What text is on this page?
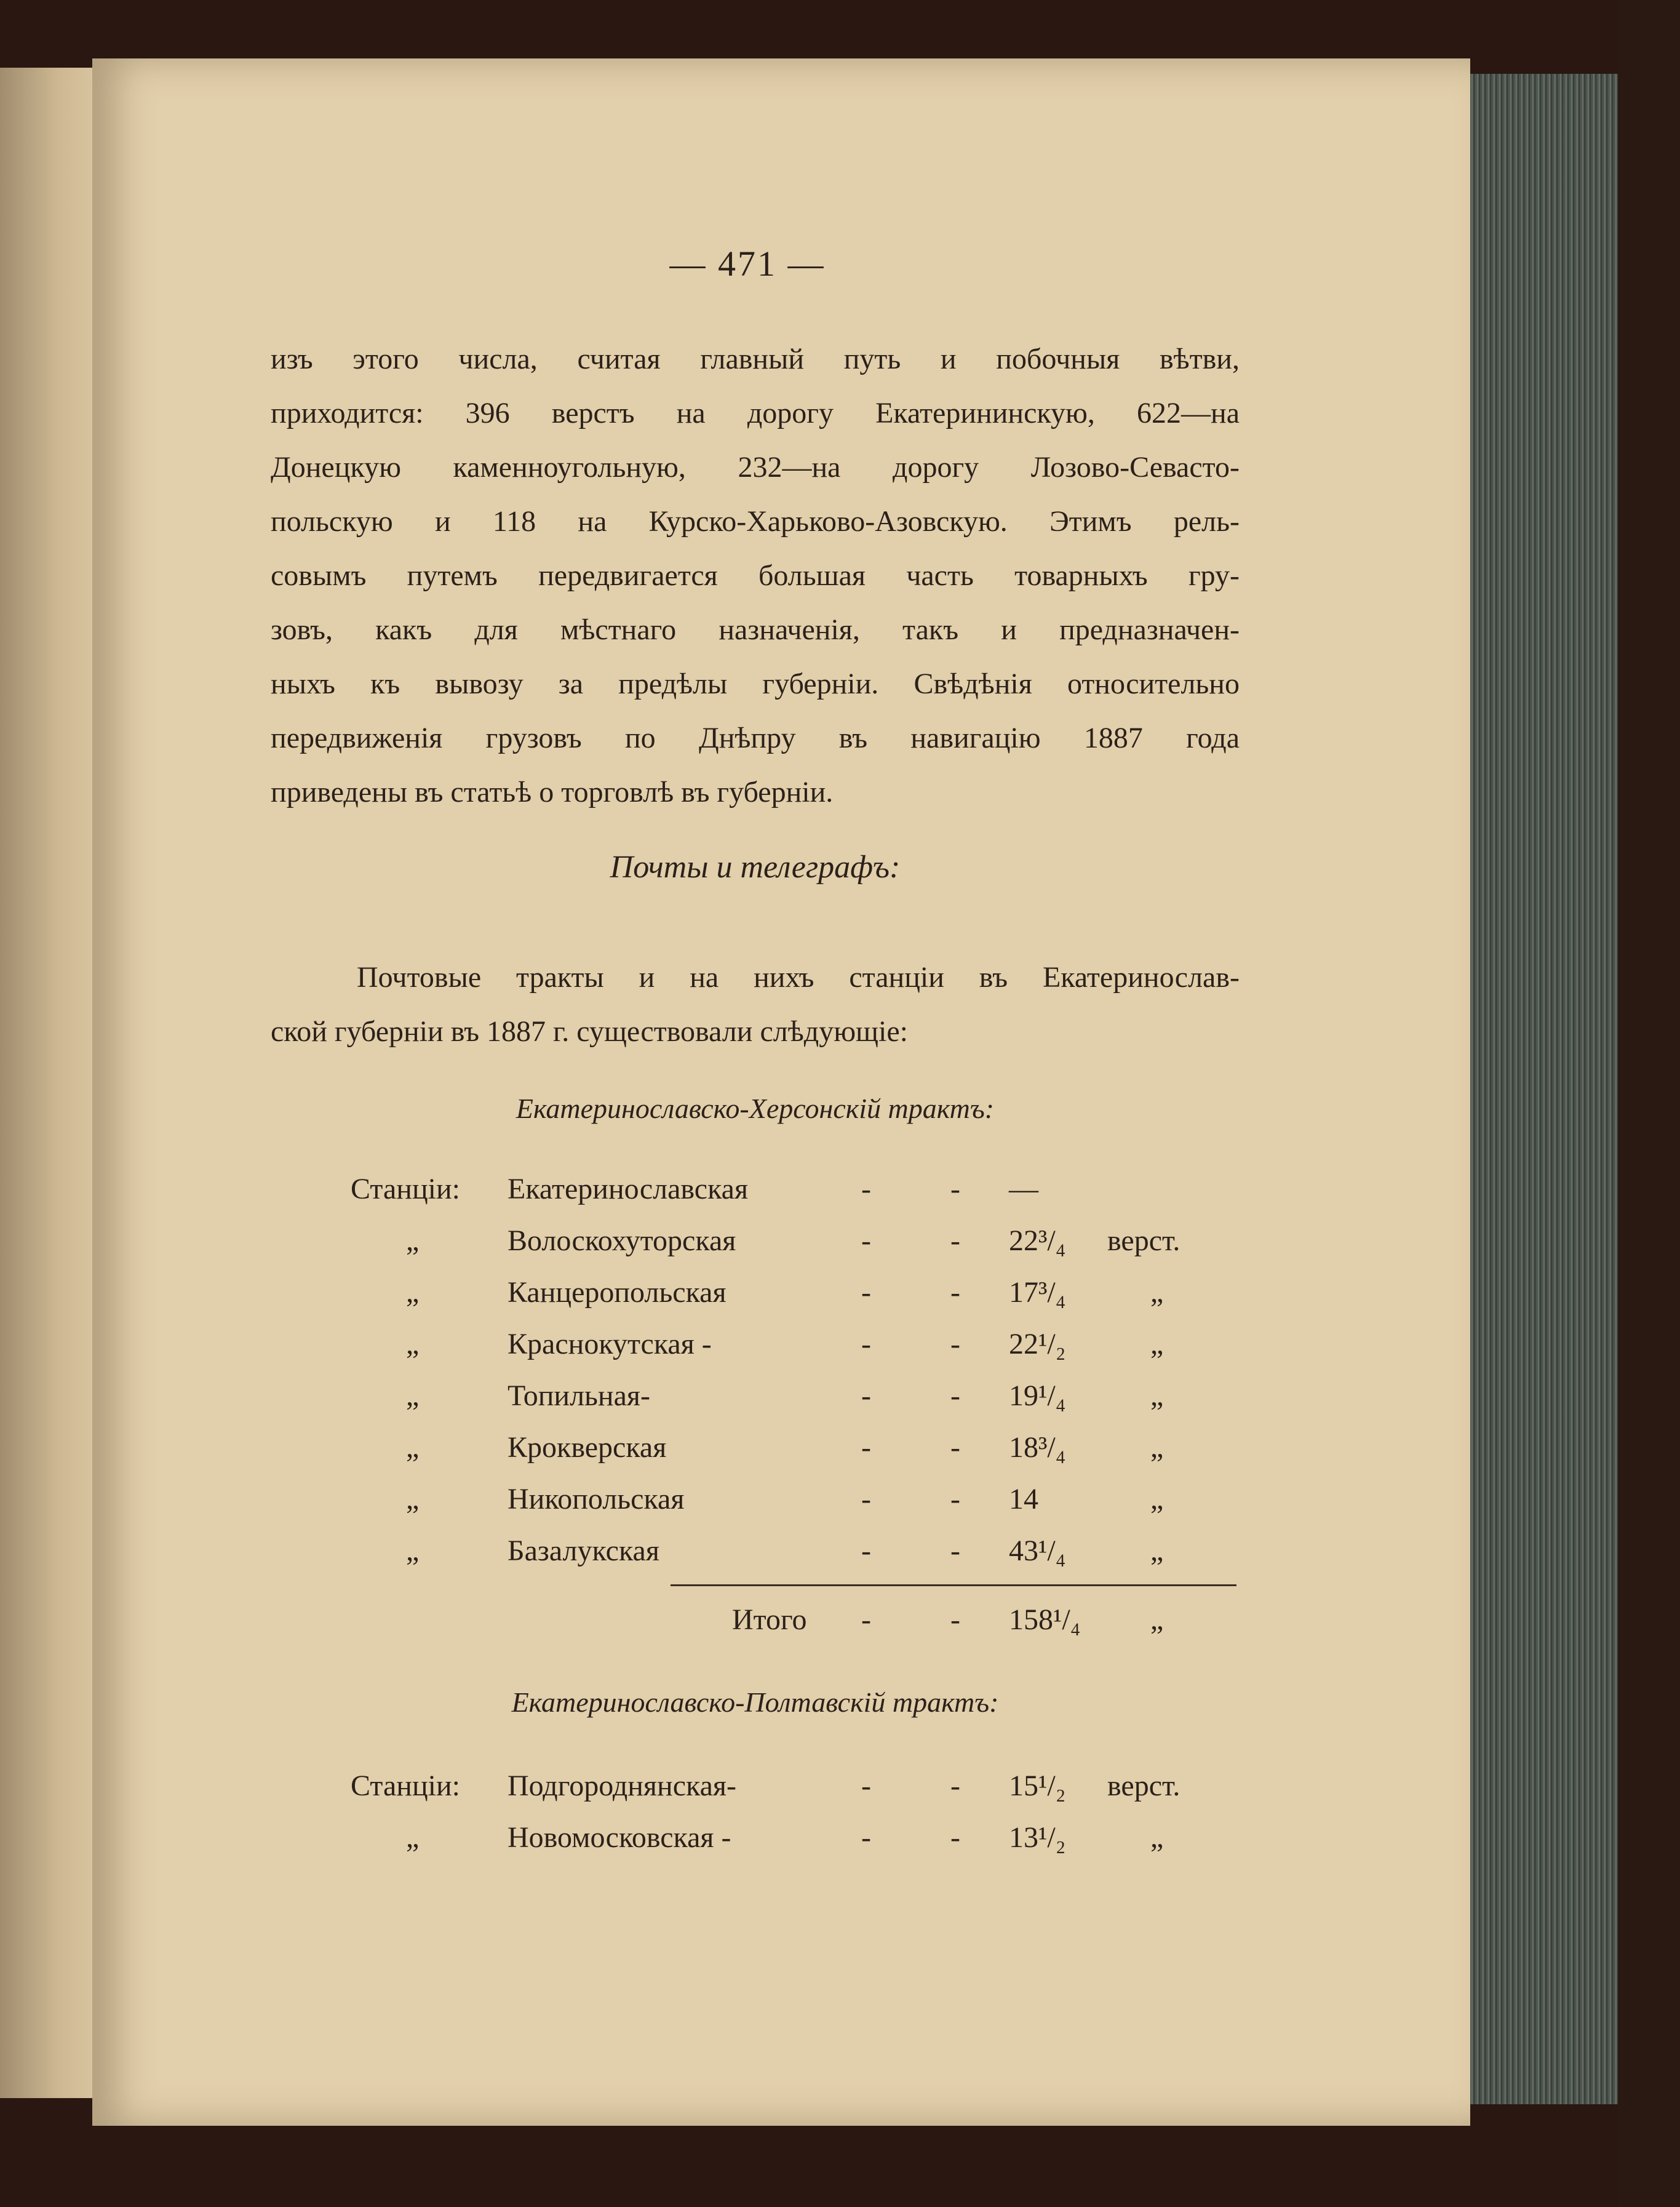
— 471 —
изъ этого числа, считая главный путь и побочныя вѣтви,
приходится: 396 верстъ на дорогу Екатерининскую, 622—на
Донецкую каменноугольную, 232—на дорогу Лозово-Севасто-
польскую и 118 на Курско-Харьково-Азовскую. Этимъ рель-
совымъ путемъ передвигается большая часть товарныхъ гру-
зовъ, какъ для мѣстнаго назначенія, такъ и предназначен-
ныхъ къ вывозу за предѣлы губерніи. Свѣдѣнія относительно
передвиженія грузовъ по Днѣпру въ навигацію 1887 года
приведены въ статьѣ о торговлѣ въ губерніи.
Почты и телеграфъ:
Почтовые тракты и на нихъ станціи въ Екатеринослав-
ской губерніи въ 1887 г. существовали слѣдующіе:
Екатеринославско-Херсонскій трактъ:
Станціи: Екатеринославская	-	- —
„	Волоскохуторская	-	- 22³/₄ верст.
„	Канцеропольская	-	- 17³/₄	„
„	Краснокутская -	-	- 22¹/₂	„
„	Топильная-	-	- 19¹/₄	„
„	Крокверская	-	- 18³/₄	„
„	Никопольская	-	- 14	„
„	Базалукская	-	- 43¹/₄	„
Итого -	- 158¹/₄ „
Екатеринославско-Полтавскій трактъ:
Станціи: Подгороднянская-	-	- 15¹/₂ верст.
„	Новомосковская -	-	- 13¹/₂	„
